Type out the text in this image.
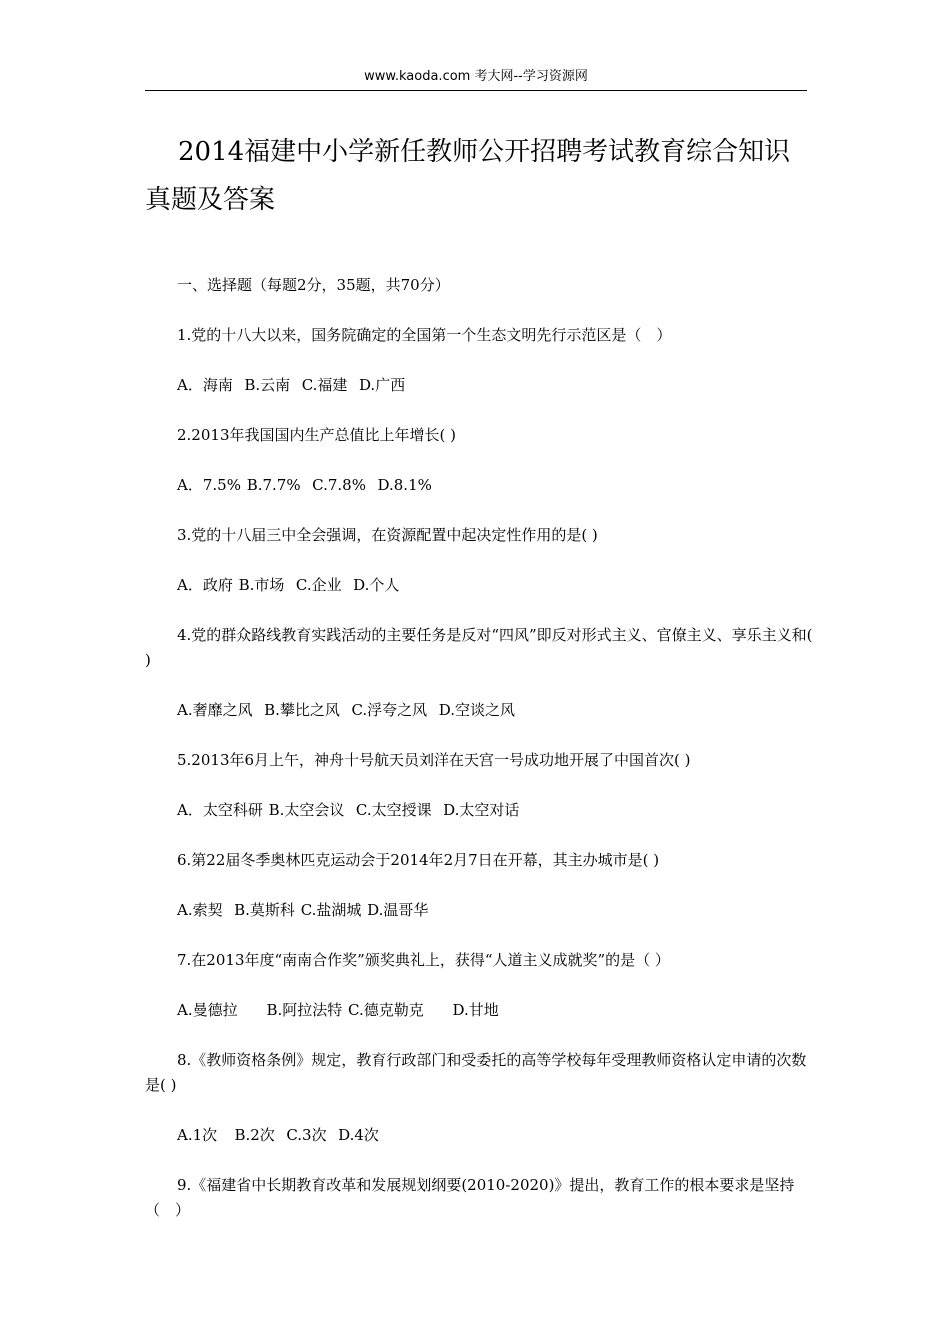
www.kaoda.com 考大网--学习资源网
2014福建中小学新任教师公开招聘考试教育综合知识真题及答案

一、选择题（每题2分，35题，共70分）

1.党的十八大以来，国务院确定的全国第一个生态文明先行示范区是（　）

A．海南  B.云南  C.福建  D.广西

2.2013年我国国内生产总值比上年增长( )

A．7.5% B.7.7%  C.7.8%  D.8.1%

3.党的十八届三中全会强调，在资源配置中起决定性作用的是( )

A．政府 B.市场  C.企业  D.个人

4.党的群众路线教育实践活动的主要任务是反对“四风”即反对形式主义、官僚主义、享乐主义和( )

A.奢靡之风  B.攀比之风  C.浮夸之风  D.空谈之风

5.2013年6月上午，神舟十号航天员刘洋在天宫一号成功地开展了中国首次( )

A．太空科研 B.太空会议  C.太空授课  D.太空对话

6.第22届冬季奥林匹克运动会于2014年2月7日在开幕，其主办城市是( )

A.索契  B.莫斯科 C.盐湖城 D.温哥华

7.在2013年度“南南合作奖”颁奖典礼上，获得“人道主义成就奖”的是（ ）

A.曼德拉     B.阿拉法特 C.德克勒克     D.甘地

8.《教师资格条例》规定，教育行政部门和受委托的高等学校每年受理教师资格认定申请的次数是( )

A.1次   B.2次  C.3次  D.4次

9.《福建省中长期教育改革和发展规划纲要(2010-2020)》提出，教育工作的根本要求是坚持（　）
